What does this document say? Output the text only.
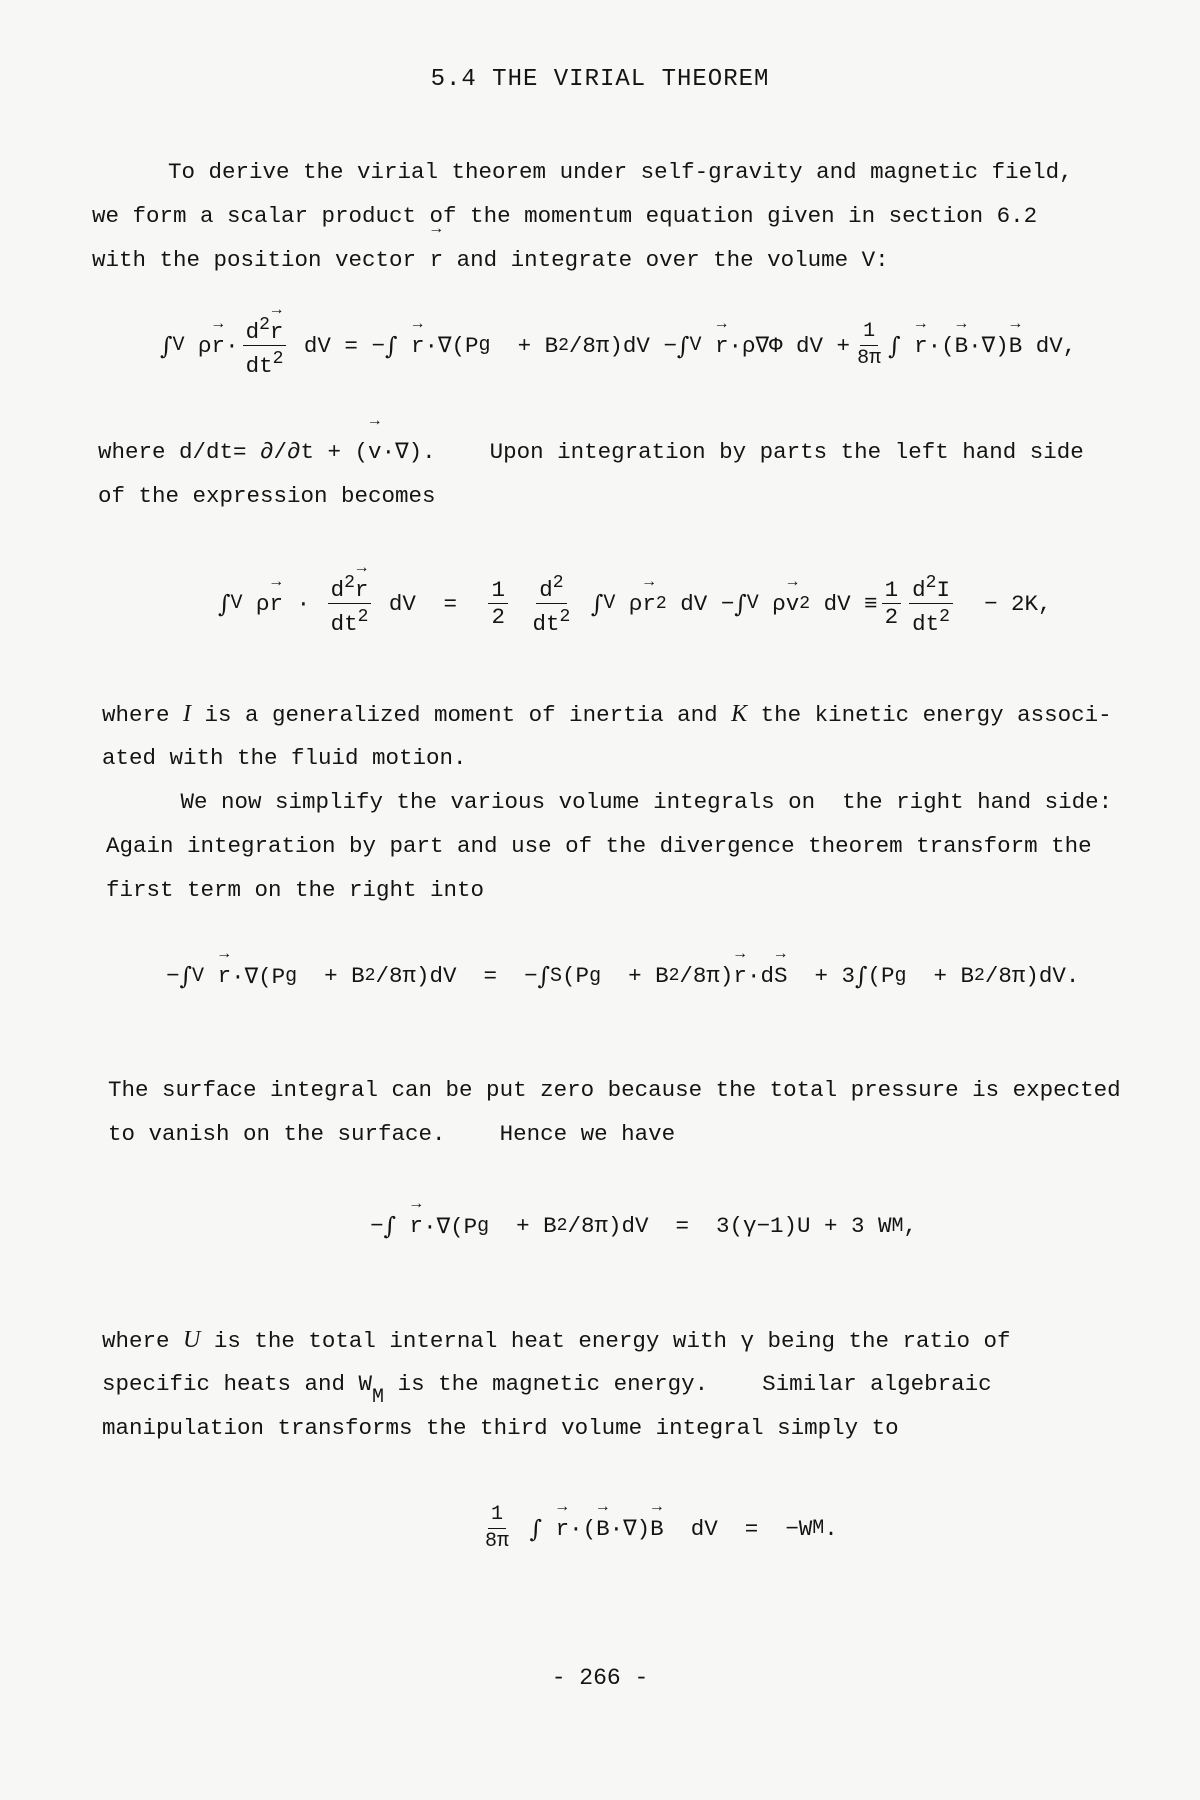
5.4 THE VIRIAL THEOREM
To derive the virial theorem under self-gravity and magnetic field,
we form a scalar product of the momentum equation given in section 6.2
with the position vector → r and integrate over the volume V:
∫ V ρ
→ $r \cdot \frac{d^2\to r}{dt^2}$ dV = − ∫

→ r ·∇(P g + B 2 /8π)dV − ∫ V

→ r ·ρ∇Φ dV + $\frac{1}{8\pi}$ ∫

→ r ·(
→ B ·∇)
→ B dV,
where d/dt= ∂/∂t + (→ v·∇).    Upon integration by parts the left hand side
of the expression becomes
∫ V ρ
→ $r \cdot \frac{d^2\to r}{dt^2}$ dV
=
$\frac{1}{2}$
$\frac{d^2}{dt^2}$
∫ V ρ
→ r 2 dV − ∫ V ρ
→ v 2 dV ≡ $\frac{1}{2} \frac{d^2I}{dt^2} - 2K$,
where I is a generalized moment of inertia and K the kinetic energy associ-
ated with the fluid motion.
We now simplify the various volume integrals on  the right hand side:
Again integration by part and use of the divergence theorem transform the
first term on the right into
− ∫ V

→ r ·∇(P g + B 2 /8π)dV  =  − ∫ S (P g + B 2 /8π)
→ r ·d
→ S + 3 ∫ (P g + B 2 /8π)dV.
The surface integral can be put zero because the total pressure is expected
to vanish on the surface.    Hence we have
− ∫

→ r ·∇(P g + B 2 /8π)dV  =  3(γ−1)U + 3 W M ,
where U is the total internal heat energy with γ being the ratio of
specific heats and $W_M$ is the magnetic energy.    Similar algebraic
manipulation transforms the third volume integral simply to
$\frac{1}{8\pi}$
∫

→ r ·(
→ B ·∇)
→ B dV  =  −W M .
- 266 -
